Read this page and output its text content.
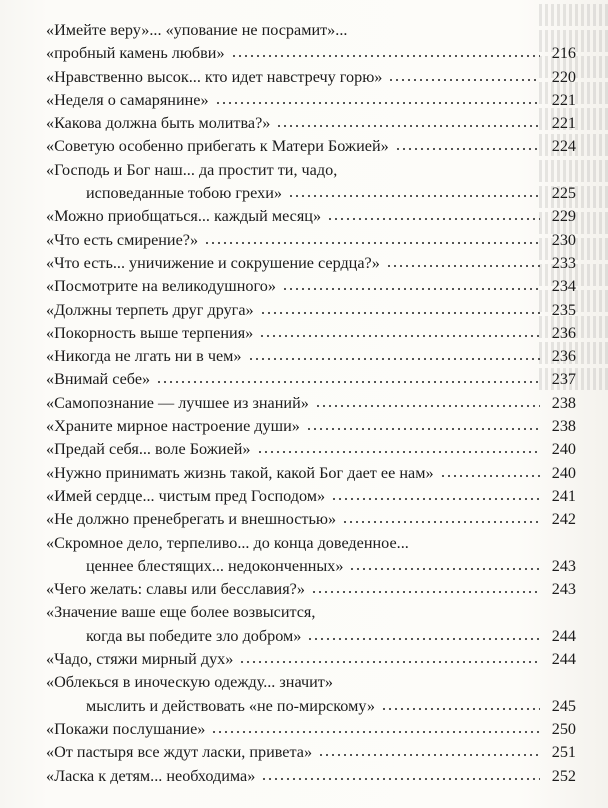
«Имейте веру»... «упование не посрамит»...
«пробный камень любви»	216
«Нравственно высок... кто идет навстречу горю»	220
«Неделя о самарянине»	221
«Какова должна быть молитва?»	221
«Советую особенно прибегать к Матери Божией»	224
«Господь и Бог наш... да простит ти, чадо,
исповеданные тобою грехи»	225
«Можно приобщаться... каждый месяц»	229
«Что есть смирение?»	230
«Что есть... уничижение и сокрушение сердца?»	233
«Посмотрите на великодушного»	234
«Должны терпеть друг друга»	235
«Покорность выше терпения»	236
«Никогда не лгать ни в чем»	236
«Внимай себе»	237
«Самопознание — лучшее из знаний»	238
«Храните мирное настроение души»	238
«Предай себя... воле Божией»	240
«Нужно принимать жизнь такой, какой Бог дает ее нам»	240
«Имей сердце... чистым пред Господом»	241
«Не должно пренебрегать и внешностью»	242
«Скромное дело, терпеливо... до конца доведенное...
ценнее блестящих... недоконченных»	243
«Чего желать: славы или бесславия?»	243
«Значение ваше еще более возвысится,
когда вы победите зло добром»	244
«Чадо, стяжи мирный дух»	244
«Облекься в иноческую одежду... значит»
мыслить и действовать «не по-мирскому»	245
«Покажи послушание»	250
«От пастыря все ждут ласки, привета»	251
«Ласка к детям... необходима»	252
